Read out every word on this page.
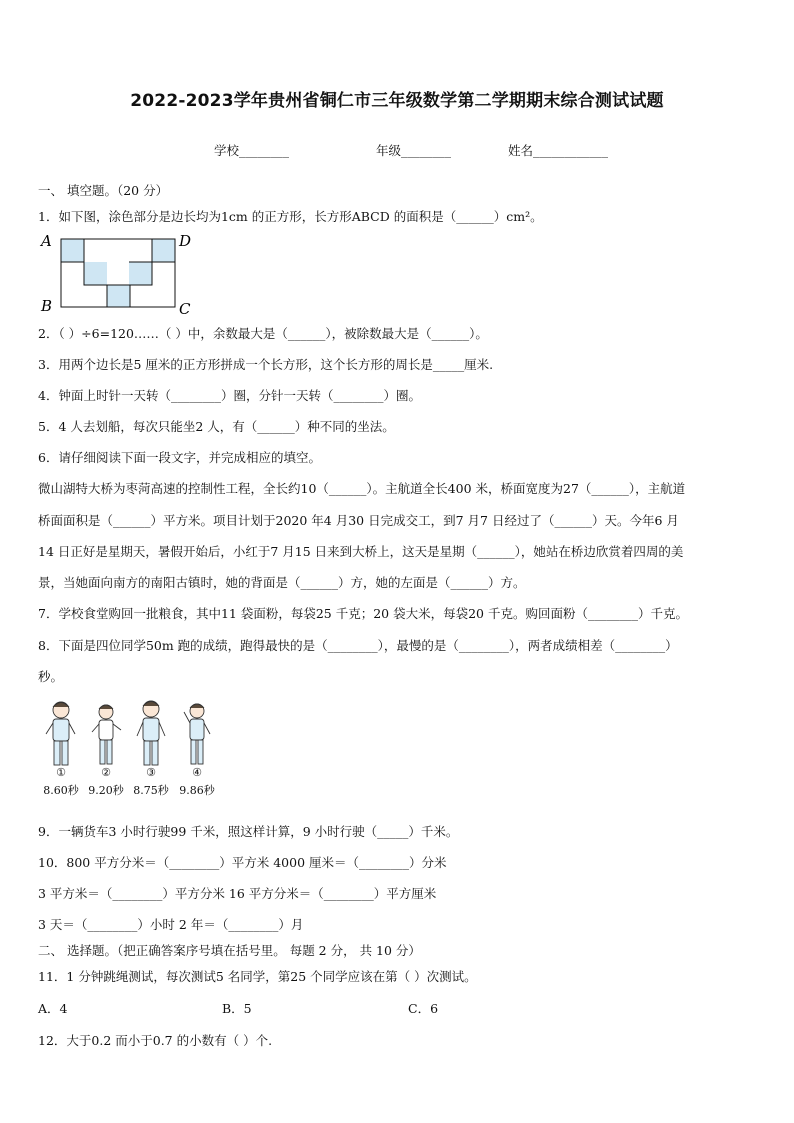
2022-2023学年贵州省铜仁市三年级数学第二学期期末综合测试试题
学校________	年级________	姓名____________
一、 填空题。（20 分）
1．如下图，涂色部分是边长均为1cm 的正方形，长方形ABCD 的面积是（______）cm²。
A	D
B	C
2．（ ）÷6=120……（ ）中，余数最大是（______），被除数最大是（______）。
3．用两个边长是5 厘米的正方形拼成一个长方形，这个长方形的周长是_____厘米.
4．钟面上时针一天转（________）圈，分针一天转（________）圈。
5．4 人去划船，每次只能坐2 人，有（______）种不同的坐法。
6．请仔细阅读下面一段文字，并完成相应的填空。
微山湖特大桥为枣菏高速的控制性工程，全长约10（______）。主航道全长400 米，桥面宽度为27（______），主航道
桥面面积是（______）平方米。项目计划于2020 年4 月30 日完成交工，到7 月7 日经过了（______）天。今年6 月
14 日正好是星期天，暑假开始后，小红于7 月15 日来到大桥上，这天是星期（______），她站在桥边欣赏着四周的美
景，当她面向南方的南阳古镇时，她的背面是（______）方，她的左面是（______）方。
7．学校食堂购回一批粮食，其中11 袋面粉，每袋25 千克；20 袋大米，每袋20 千克。购回面粉（________）千克。
8．下面是四位同学50m 跑的成绩，跑得最快的是（________），最慢的是（________），两者成绩相差（________）
秒。
①	②	③	④
8.60秒 9.20秒 8.75秒 9.86秒
9．一辆货车3 小时行驶99 千米，照这样计算，9 小时行驶（_____）千米。
10．800 平方分米＝（________）平方米 4000 厘米＝（________）分米
3 平方米＝（________）平方分米 16 平方分米＝（________）平方厘米
3 天＝（________）小时 2 年＝（________）月
二、 选择题。（把正确答案序号填在括号里。 每题 2 分， 共 10 分）
11．1 分钟跳绳测试，每次测试5 名同学，第25 个同学应该在第（ ）次测试。
A．4	B．5	C．6
12．大于0.2 而小于0.7 的小数有（ ）个.
